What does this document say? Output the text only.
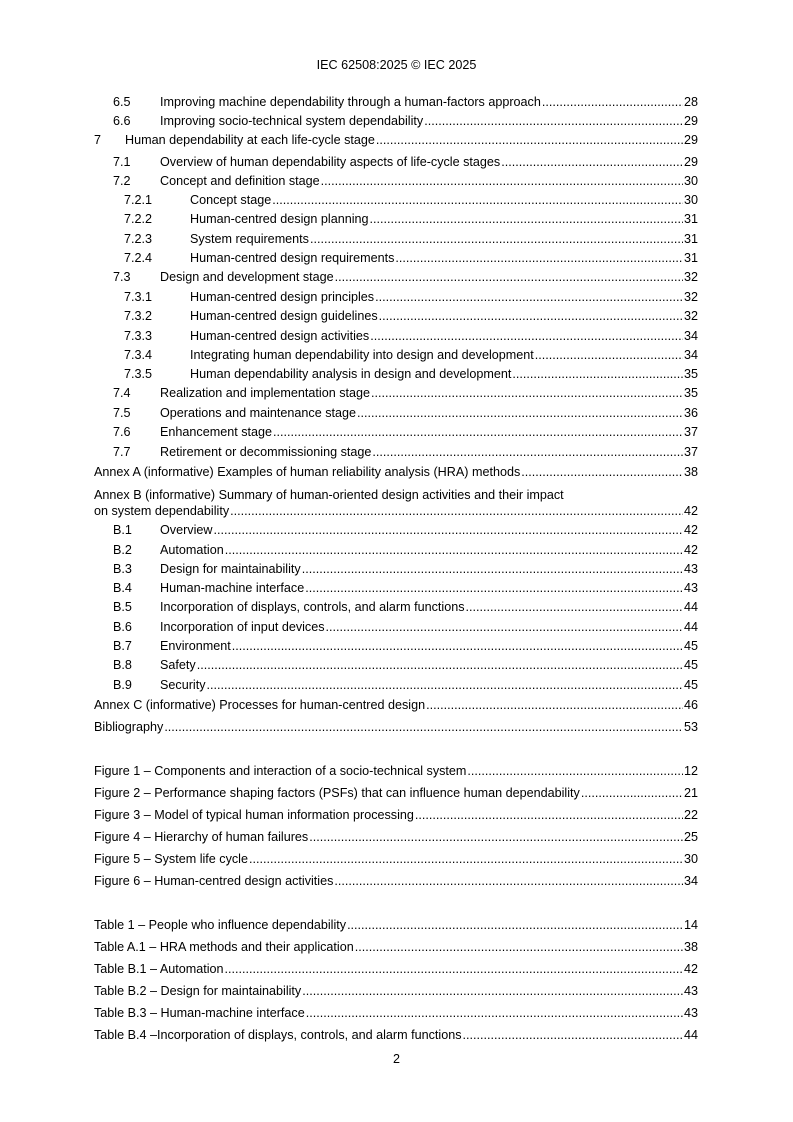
IEC 62508:2025 © IEC 2025
6.5 Improving machine dependability through a human-factors approach .....	28
6.6 Improving socio-technical system dependability .....	29
7 Human dependability at each life-cycle stage .....	29
7.1 Overview of human dependability aspects of life-cycle stages .....	29
7.2 Concept and definition stage .....	30
7.2.1	Concept stage .....	30
7.2.2	Human-centred design planning .....	31
7.2.3	System requirements .....	31
7.2.4	Human-centred design requirements .....	31
7.3 Design and development stage .....	32
7.3.1	Human-centred design principles .....	32
7.3.2	Human-centred design guidelines .....	32
7.3.3	Human-centred design activities .....	34
7.3.4	Integrating human dependability into design and development .....	34
7.3.5	Human dependability analysis in design and development .....	35
7.4 Realization and implementation stage .....	35
7.5 Operations and maintenance stage .....	36
7.6 Enhancement stage .....	37
7.7 Retirement or decommissioning stage .....	37
Annex A (informative) Examples of human reliability analysis (HRA) methods .....	38
Annex B (informative) Summary of human-oriented design activities and their impact
on system dependability .....	42
B.1 Overview .....	42
B.2 Automation .....	42
B.3 Design for maintainability .....	43
B.4 Human-machine interface .....	43
B.5 Incorporation of displays, controls, and alarm functions .....	44
B.6 Incorporation of input devices .....	44
B.7 Environment .....	45
B.8 Safety .....	45
B.9 Security .....	45
Annex C (informative) Processes for human-centred design .....	46
Bibliography .....	53
Figure 1 – Components and interaction of a socio-technical system .....	12
Figure 2 – Performance shaping factors (PSFs) that can influence human dependability .....	21
Figure 3 – Model of typical human information processing .....	22
Figure 4 – Hierarchy of human failures .....	25
Figure 5 – System life cycle .....	30
Figure 6 – Human-centred design activities .....	34
Table 1 – People who influence dependability .....	14
Table A.1 – HRA methods and their application .....	38
Table B.1 – Automation .....	42
Table B.2 – Design for maintainability .....	43
Table B.3 – Human-machine interface .....	43
Table B.4 –Incorporation of displays, controls, and alarm functions .....	44
2
